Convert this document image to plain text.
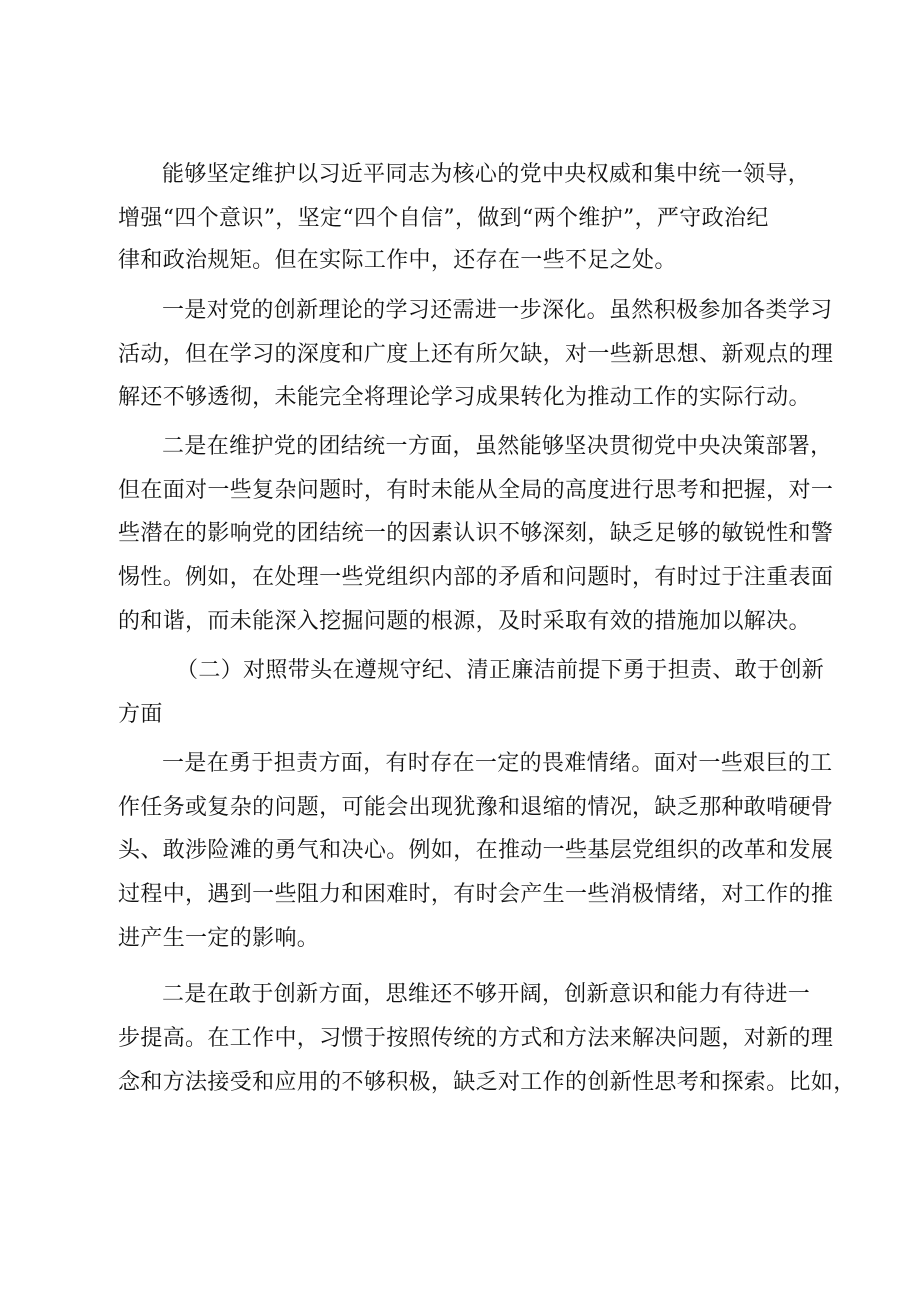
能够坚定维护以习近平同志为核心的党中央权威和集中统一领导，
增强“四个意识”，坚定“四个自信”，做到“两个维护”，严守政治纪
律和政治规矩。但在实际工作中，还存在一些不足之处。
一是对党的创新理论的学习还需进一步深化。虽然积极参加各类学习
活动，但在学习的深度和广度上还有所欠缺，对一些新思想、新观点的理
解还不够透彻，未能完全将理论学习成果转化为推动工作的实际行动。
二是在维护党的团结统一方面，虽然能够坚决贯彻党中央决策部署，
但在面对一些复杂问题时，有时未能从全局的高度进行思考和把握，对一
些潜在的影响党的团结统一的因素认识不够深刻，缺乏足够的敏锐性和警
惕性。例如，在处理一些党组织内部的矛盾和问题时，有时过于注重表面
的和谐，而未能深入挖掘问题的根源，及时采取有效的措施加以解决。
（二）对照带头在遵规守纪、清正廉洁前提下勇于担责、敢于创新
方面
一是在勇于担责方面，有时存在一定的畏难情绪。面对一些艰巨的工
作任务或复杂的问题，可能会出现犹豫和退缩的情况，缺乏那种敢啃硬骨
头、敢涉险滩的勇气和决心。例如，在推动一些基层党组织的改革和发展
过程中，遇到一些阻力和困难时，有时会产生一些消极情绪，对工作的推
进产生一定的影响。
二是在敢于创新方面，思维还不够开阔，创新意识和能力有待进一
步提高。在工作中，习惯于按照传统的方式和方法来解决问题，对新的理
念和方法接受和应用的不够积极，缺乏对工作的创新性思考和探索。比如，
